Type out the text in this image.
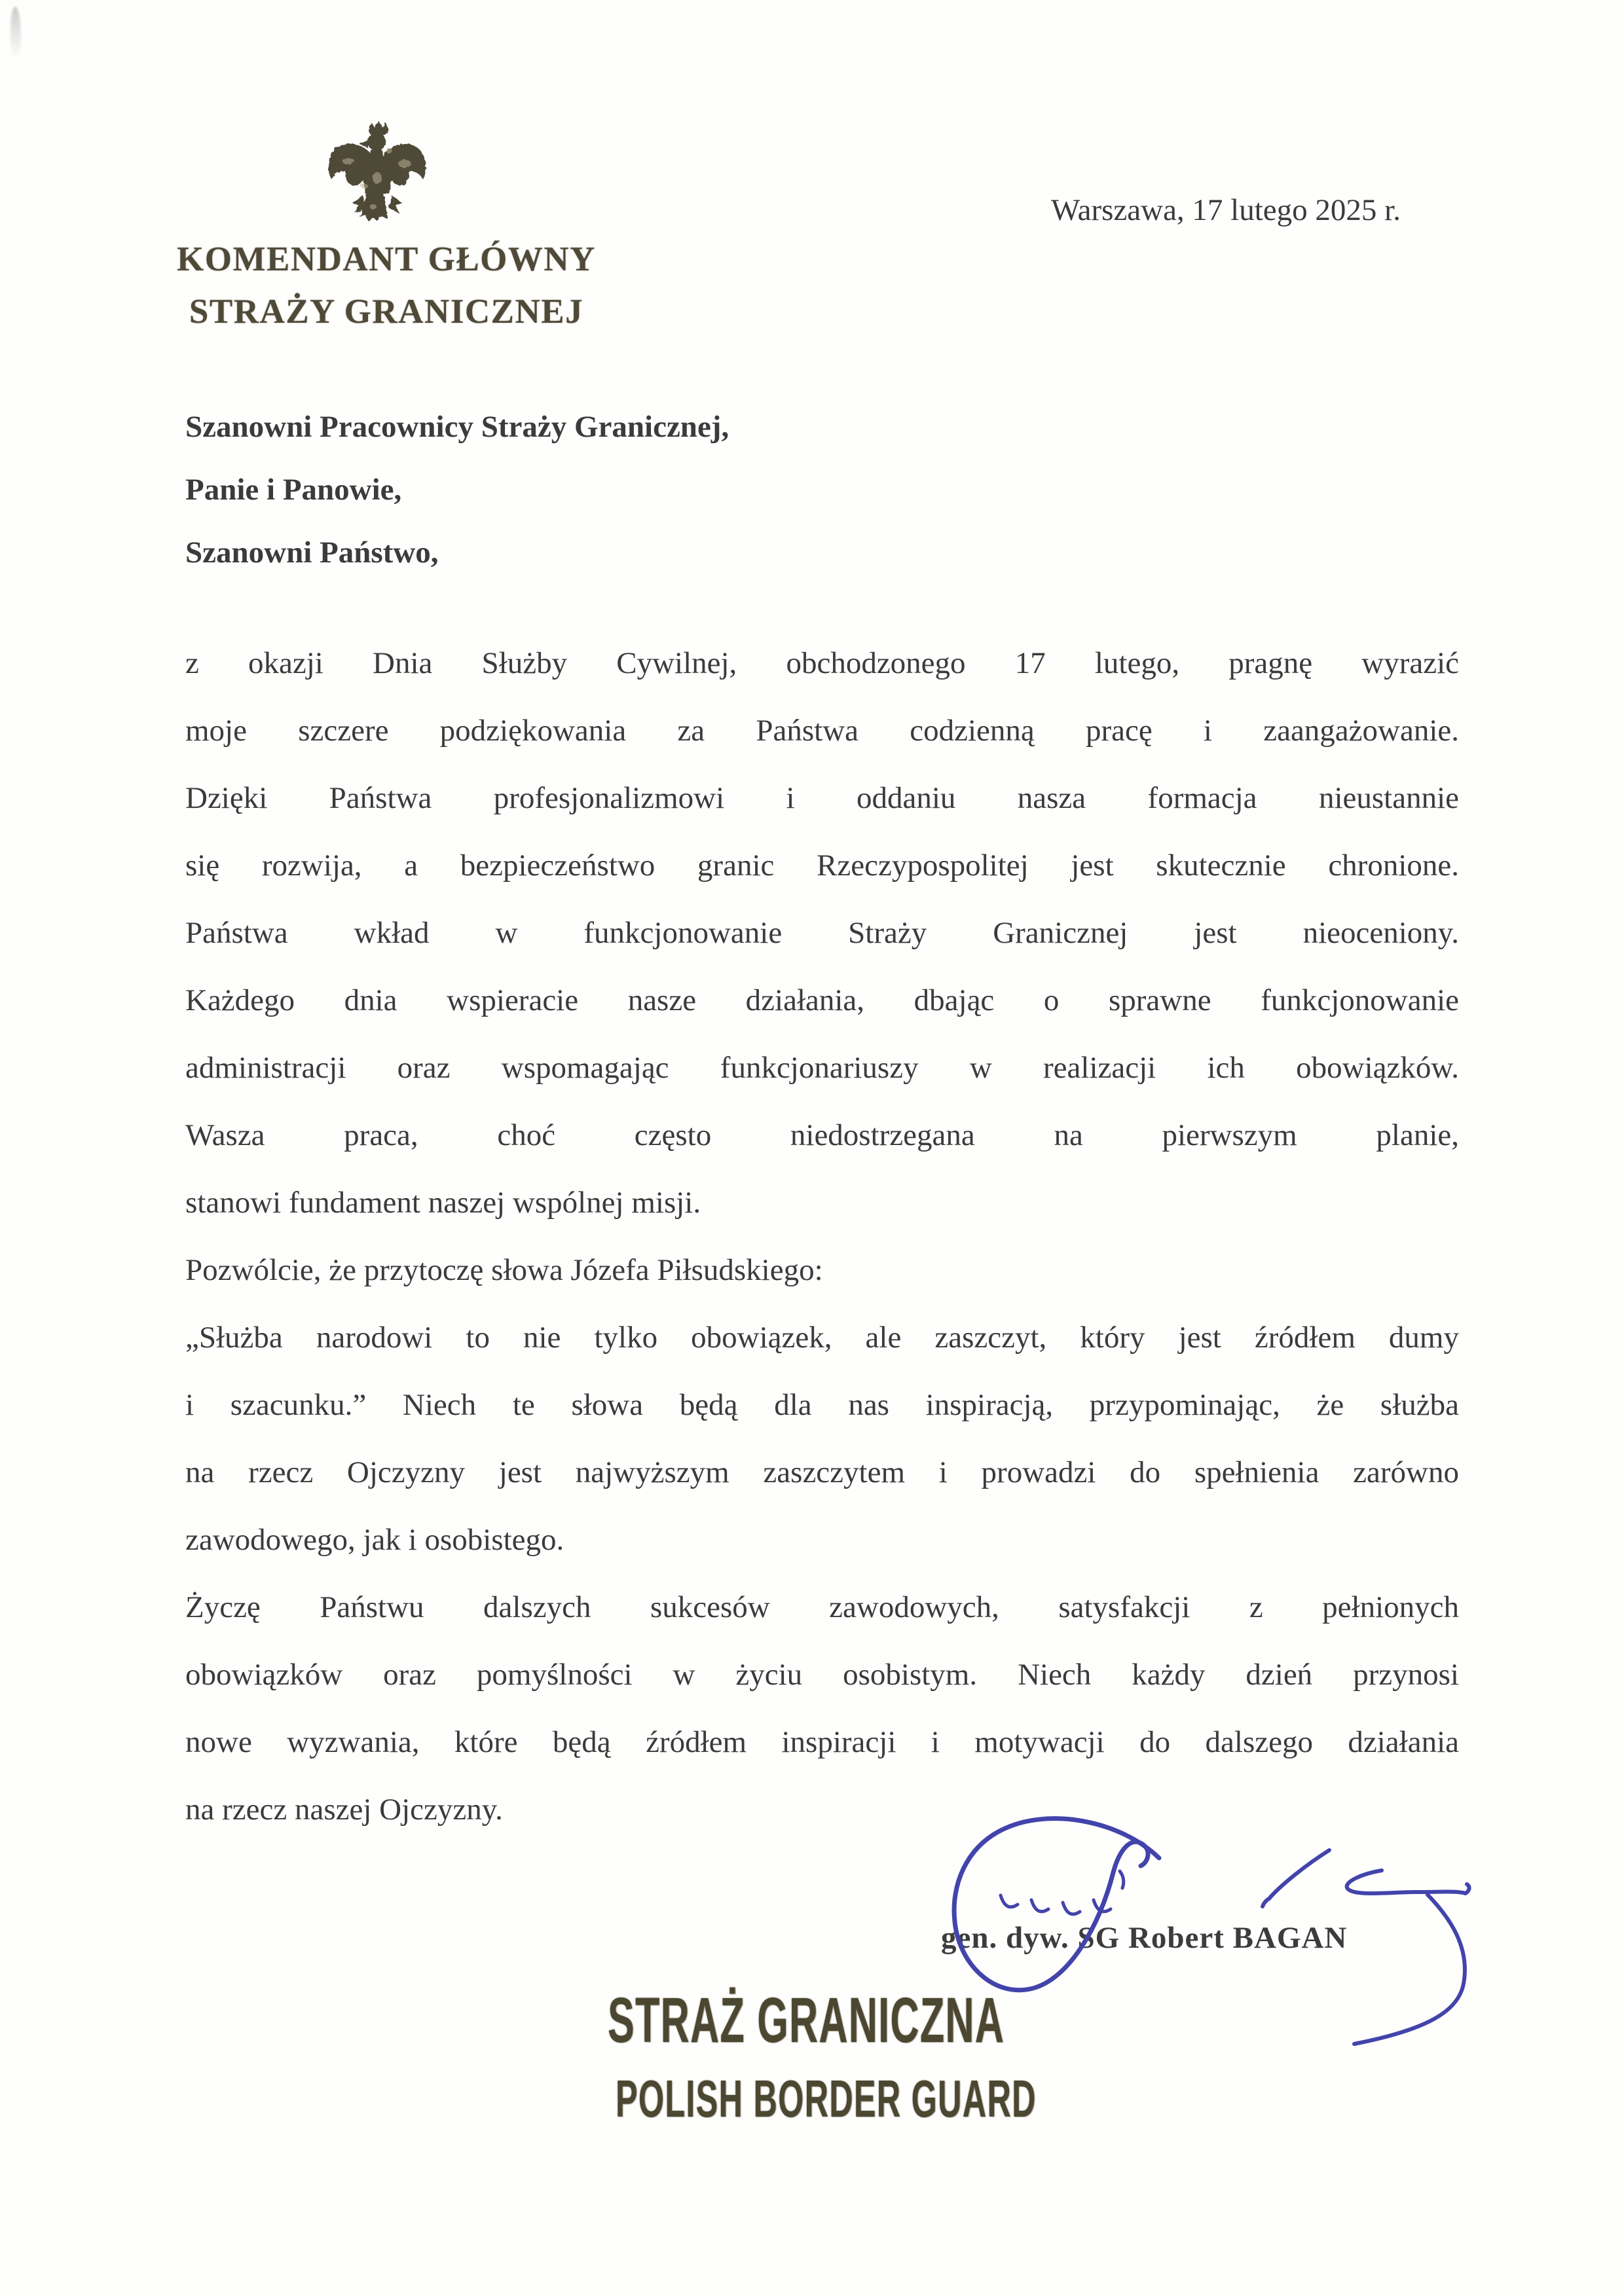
KOMENDANT GŁÓWNY
STRAŻY GRANICZNEJ
Warszawa, 17 lutego 2025 r.
Szanowni Pracownicy Straży Granicznej,
Panie i Panowie,
Szanowni Państwo,
z okazji Dnia Służby Cywilnej, obchodzonego 17 lutego, pragnę wyrazić
moje szczere podziękowania za Państwa codzienną pracę i zaangażowanie.
Dzięki Państwa profesjonalizmowi i oddaniu nasza formacja nieustannie
się rozwija, a bezpieczeństwo granic Rzeczypospolitej jest skutecznie chronione.
Państwa wkład w funkcjonowanie Straży Granicznej jest nieoceniony.
Każdego dnia wspieracie nasze działania, dbając o sprawne funkcjonowanie
administracji oraz wspomagając funkcjonariuszy w realizacji ich obowiązków.
Wasza praca, choć często niedostrzegana na pierwszym planie,
stanowi fundament naszej wspólnej misji.
Pozwólcie, że przytoczę słowa Józefa Piłsudskiego:
„Służba narodowi to nie tylko obowiązek, ale zaszczyt, który jest źródłem dumy
i szacunku.” Niech te słowa będą dla nas inspiracją, przypominając, że służba
na rzecz Ojczyzny jest najwyższym zaszczytem i prowadzi do spełnienia zarówno
zawodowego, jak i osobistego.
Życzę Państwu dalszych sukcesów zawodowych, satysfakcji z pełnionych
obowiązków oraz pomyślności w życiu osobistym. Niech każdy dzień przynosi
nowe wyzwania, które będą źródłem inspiracji i motywacji do dalszego działania
na rzecz naszej Ojczyzny.
gen. dyw. SG Robert BAGAN
STRAŻ GRANICZNA
POLISH BORDER GUARD
